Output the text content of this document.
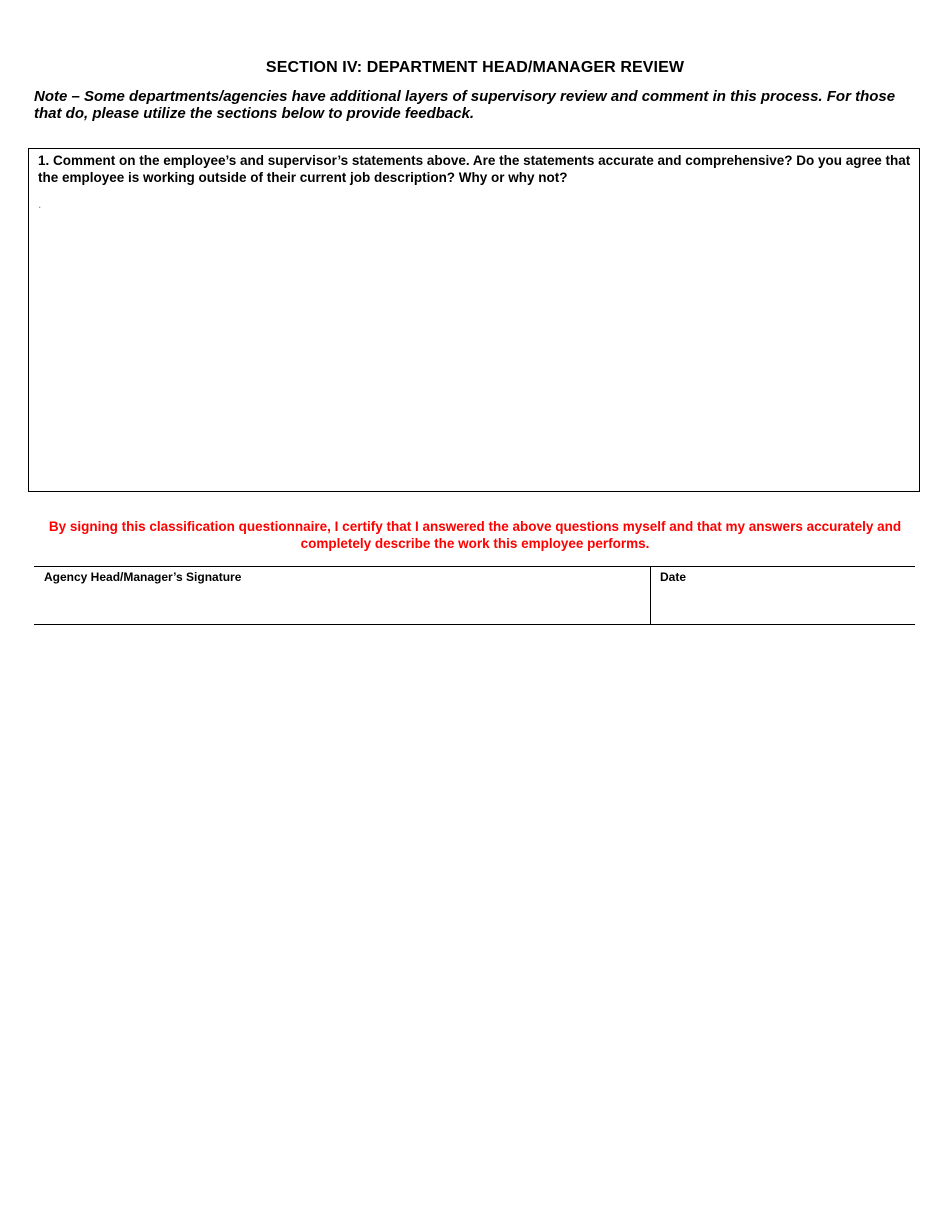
SECTION IV: DEPARTMENT HEAD/MANAGER REVIEW
Note – Some departments/agencies have additional layers of supervisory review and comment in this process. For those that do, please utilize the sections below to provide feedback.
1. Comment on the employee’s and supervisor’s statements above. Are the statements accurate and comprehensive? Do you agree that the employee is working outside of their current job description? Why or why not?
.
By signing this classification questionnaire, I certify that I answered the above questions myself and that my answers accurately and completely describe the work this employee performs.
Agency Head/Manager’s Signature	Date
